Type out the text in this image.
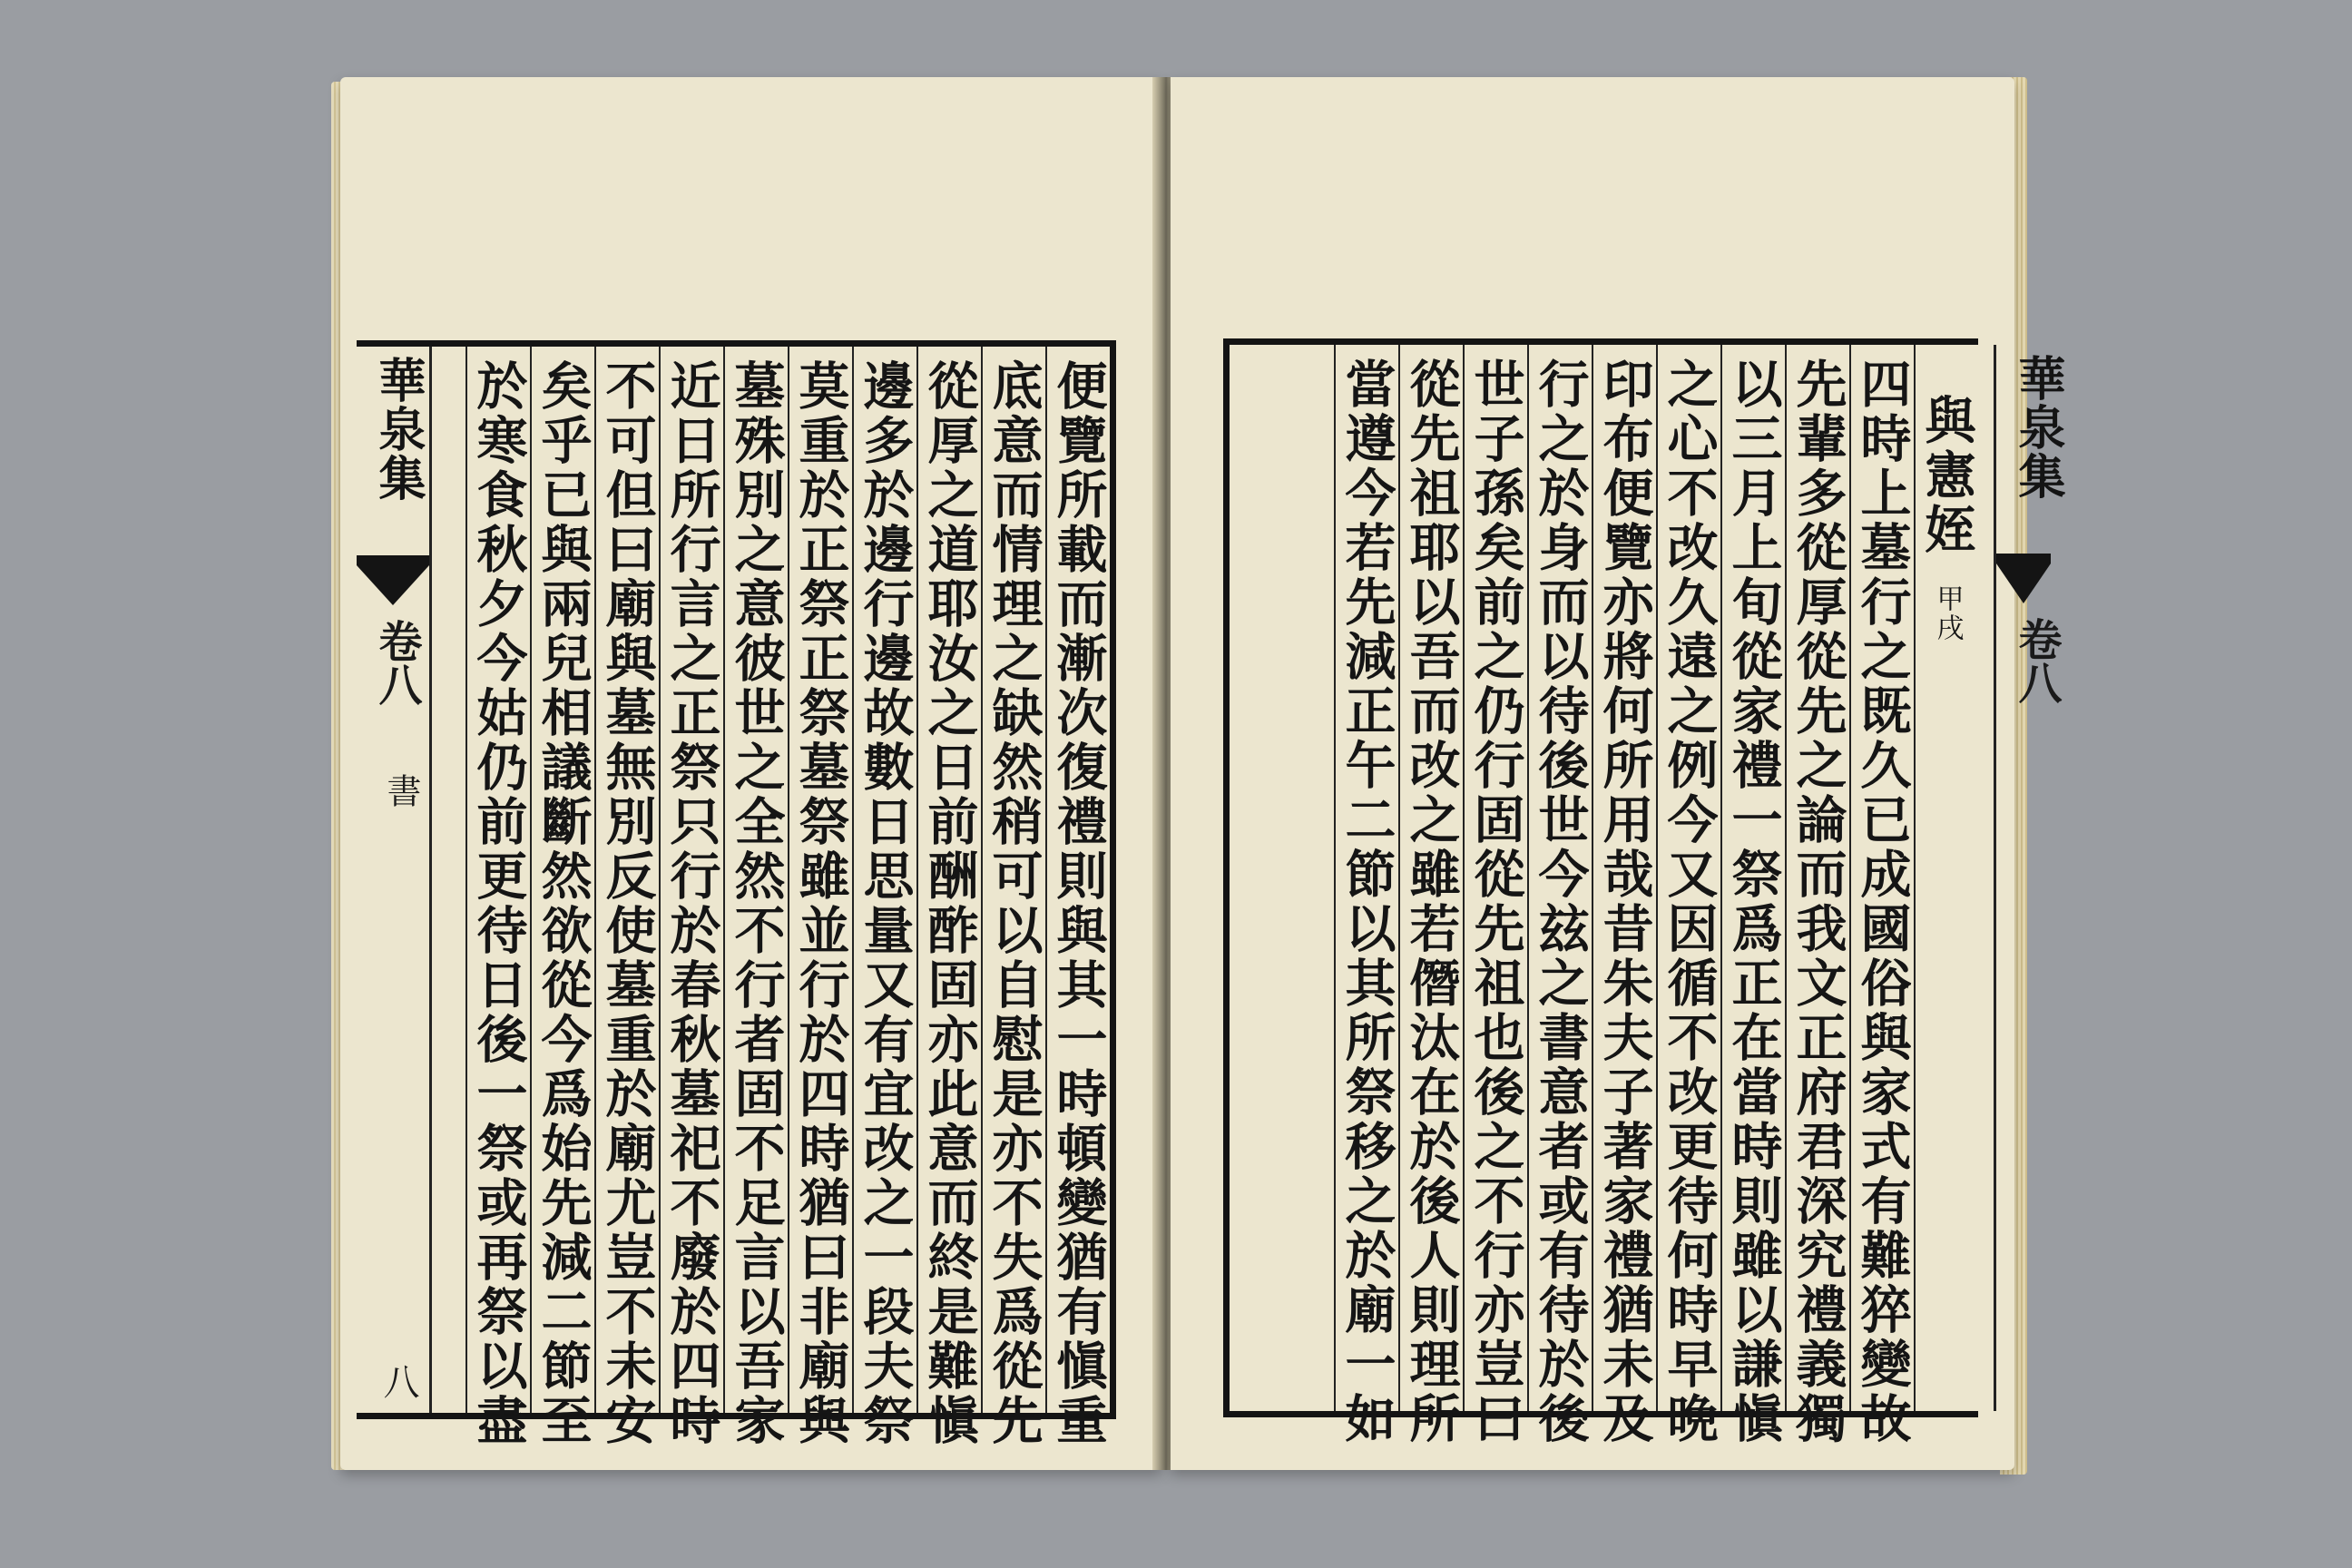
便覽所載而漸次復禮則與其一時頓變猶有愼重
底意而情理之缺然稍可以自慰是亦不失爲從先
從厚之道耶汝之日前酬酢固亦此意而終是難愼
邊多於邊行邊故數日思量又有宜改之一段夫祭
莫重於正祭正祭墓祭雖並行於四時猶曰非廟與
墓殊別之意彼世之全然不行者固不足言以吾家
近日所行言之正祭只行於春秋墓祀不廢於四時
不可但曰廟與墓無別反使墓重於廟尤豈不未安
矣乎已與兩兒相議斷然欲從今爲始先減二節至
於寒食秋夕今姑仍前更待日後一祭或再祭以盡
華泉集
卷八
書
八
與憲姪甲戌
四時上墓行之既久已成國俗與家式有難猝變故
先輩多從厚從先之論而我文正府君深究禮義獨
以三月上旬從家禮一祭爲正在當時則雖以謙愼
之心不改久遠之例今又因循不改更待何時早晩
印布便覽亦將何所用哉昔朱夫子著家禮猶未及
行之於身而以待後世今玆之書意者或有待於後
世子孫矣前之仍行固從先祖也後之不行亦豈曰
從先祖耶以吾而改之雖若僭汰在於後人則理所
當遵今若先減正午二節以其所祭移之於廟一如	華泉集
卷八
